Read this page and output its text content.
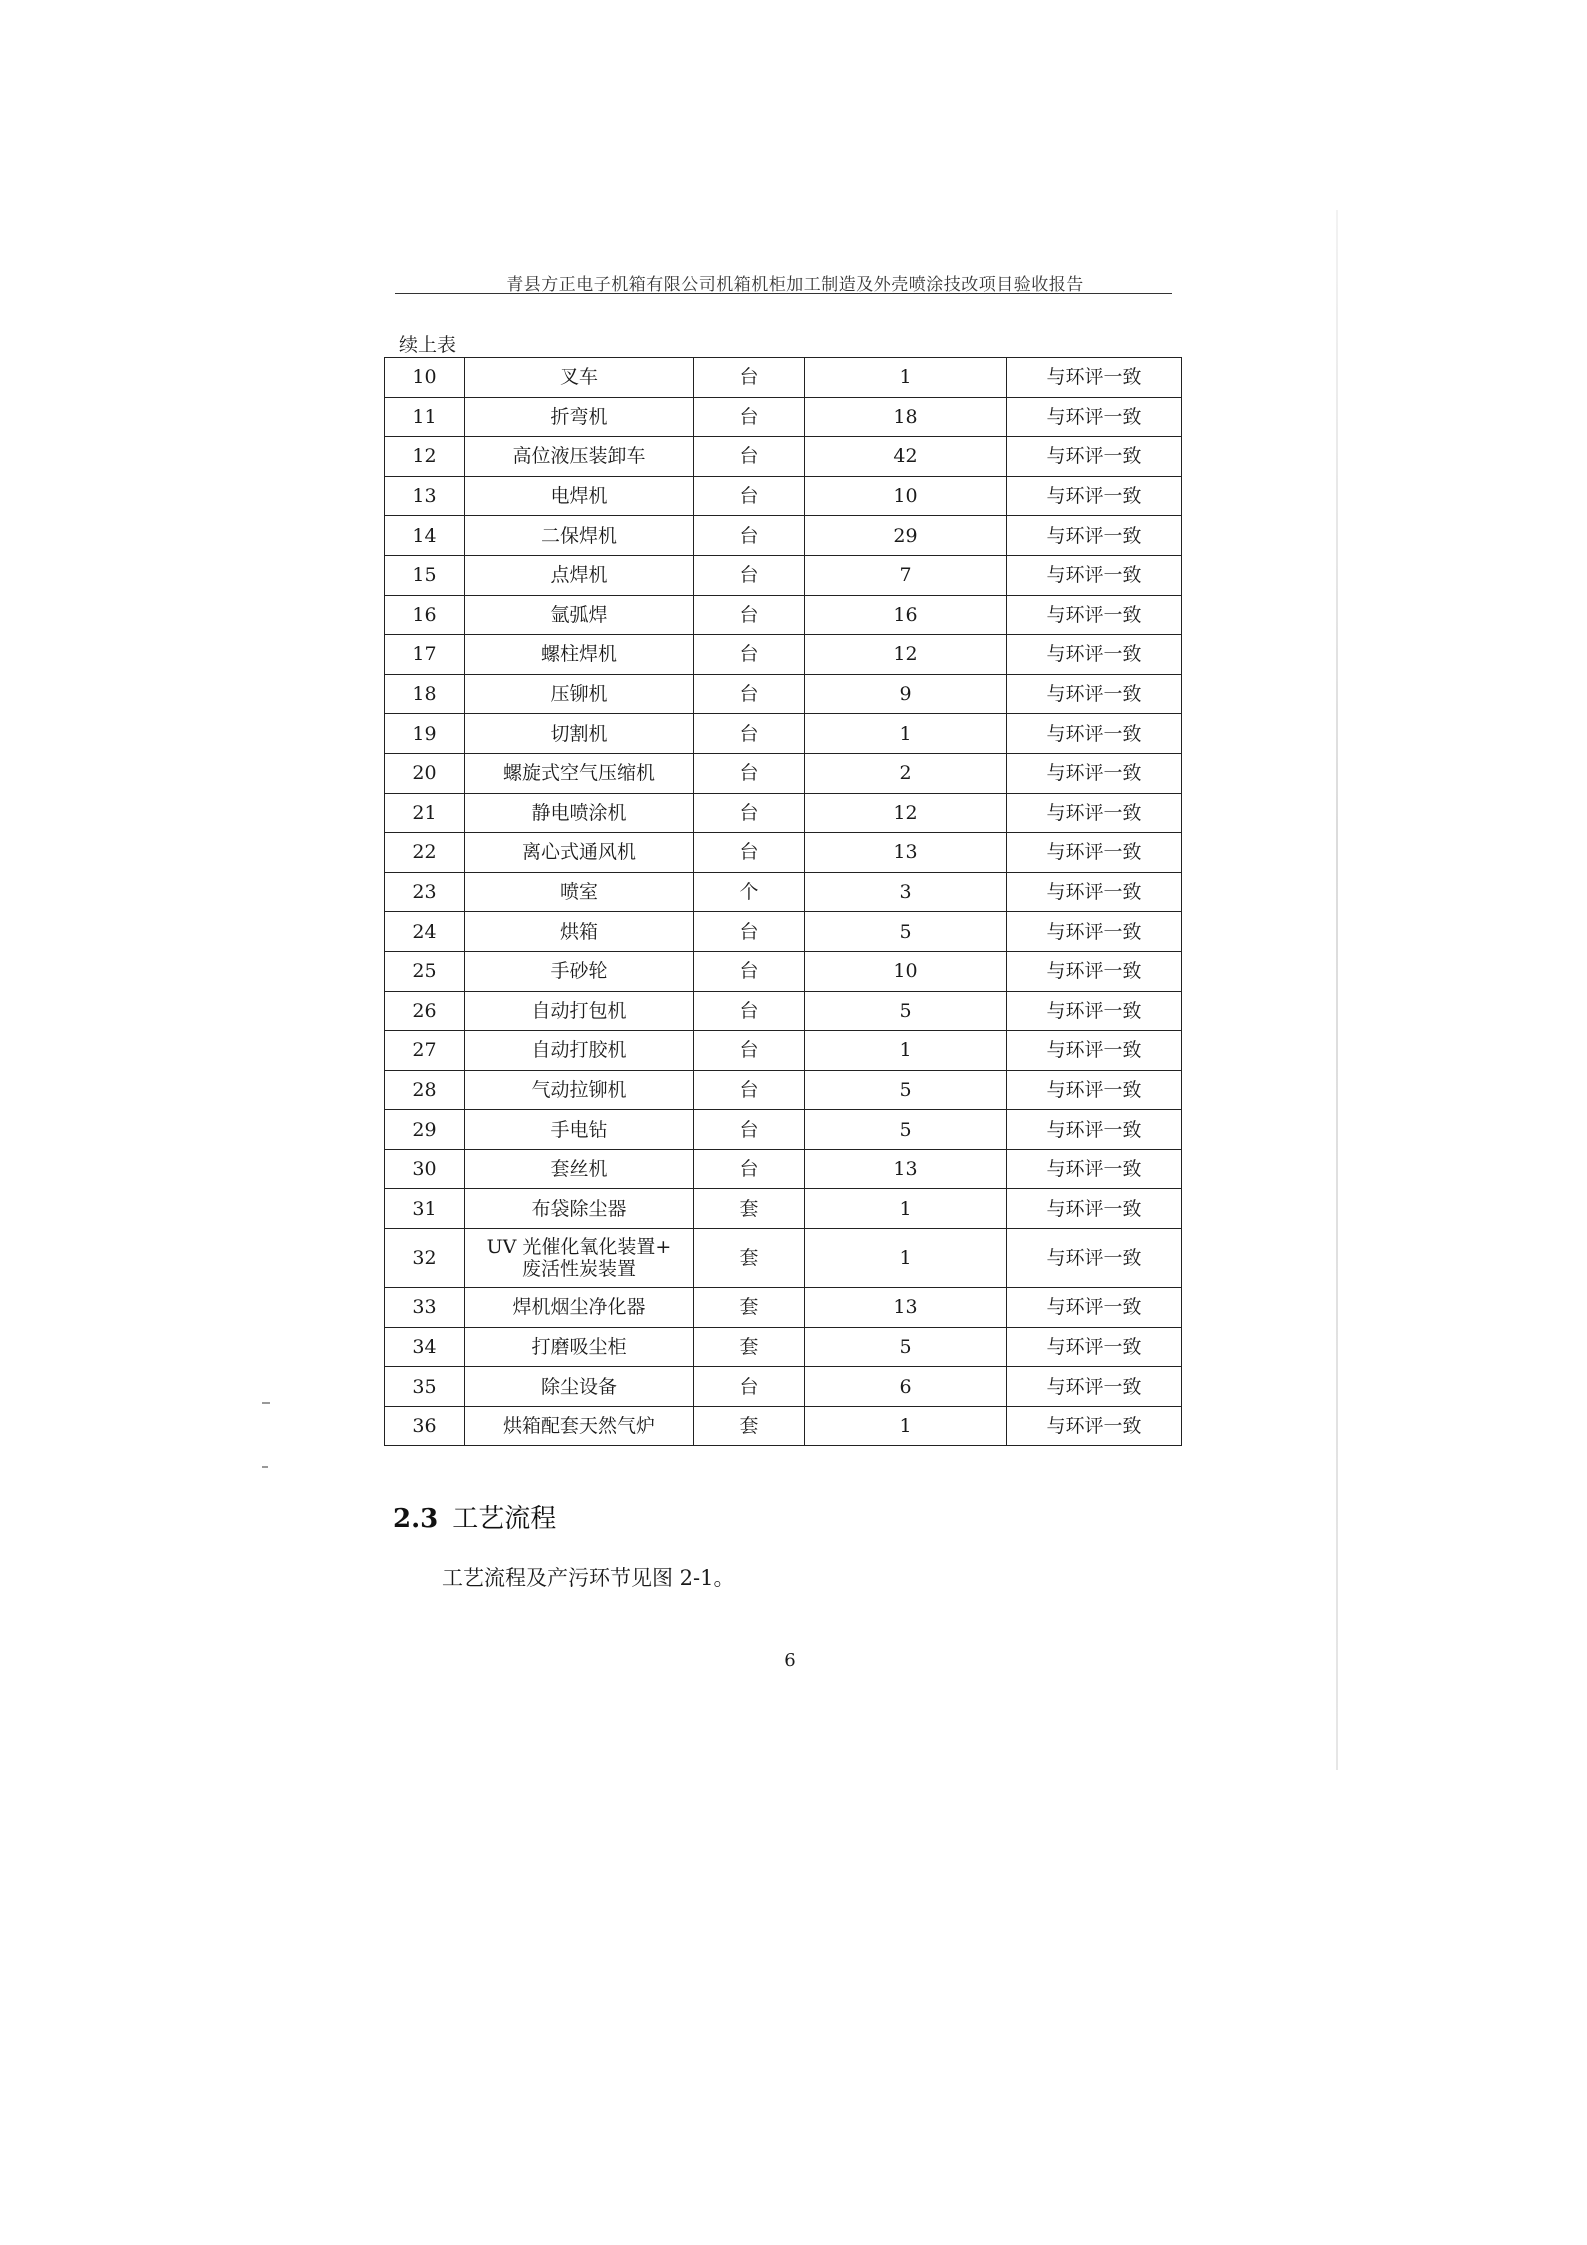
青县方正电子机箱有限公司机箱机柜加工制造及外壳喷涂技改项目验收报告
续上表
10	叉车	台	1	与环评一致
11	折弯机	台	18	与环评一致
12	高位液压装卸车	台	42	与环评一致
13	电焊机	台	10	与环评一致
14	二保焊机	台	29	与环评一致
15	点焊机	台	7	与环评一致
16	氩弧焊	台	16	与环评一致
17	螺柱焊机	台	12	与环评一致
18	压铆机	台	9	与环评一致
19	切割机	台	1	与环评一致
20	螺旋式空气压缩机	台	2	与环评一致
21	静电喷涂机	台	12	与环评一致
22	离心式通风机	台	13	与环评一致
23	喷室	个	3	与环评一致
24	烘箱	台	5	与环评一致
25	手砂轮	台	10	与环评一致
26	自动打包机	台	5	与环评一致
27	自动打胶机	台	1	与环评一致
28	气动拉铆机	台	5	与环评一致
29	手电钻	台	5	与环评一致
30	套丝机	台	13	与环评一致
31	布袋除尘器	套	1	与环评一致
32	UV 光催化氧化装置+
废活性炭装置	套	1	与环评一致
33	焊机烟尘净化器	套	13	与环评一致
34	打磨吸尘柜	套	5	与环评一致
35	除尘设备	台	6	与环评一致
36	烘箱配套天然气炉	套	1	与环评一致
2.3 工艺流程
工艺流程及产污环节见图 2-1。
6
